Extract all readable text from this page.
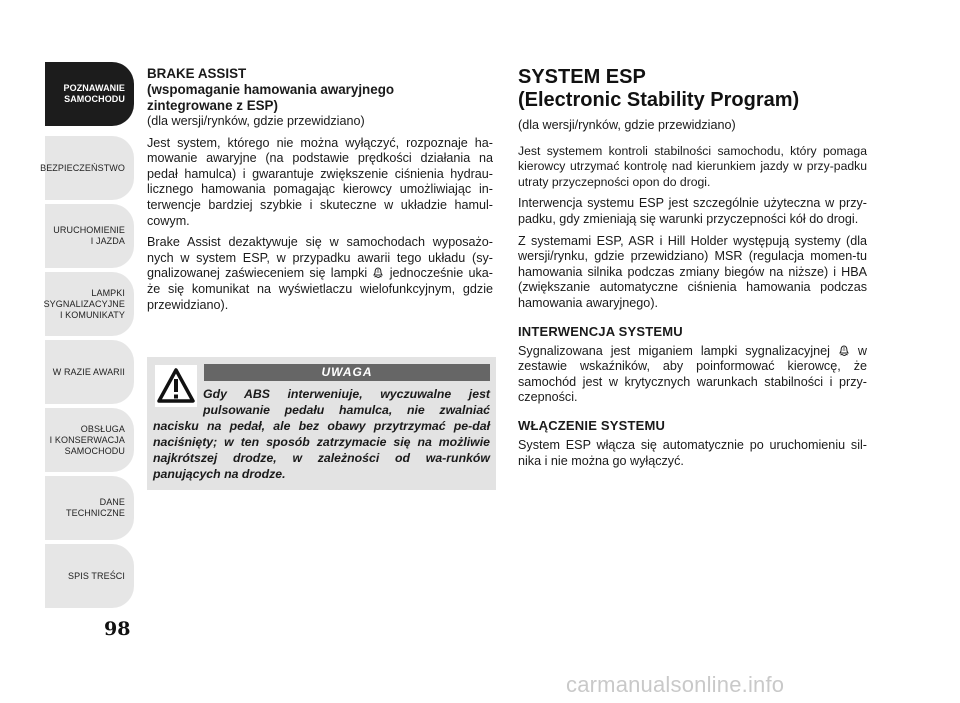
POZNAWANIE
SAMOCHODU
BEZPIECZEŃSTWO
URUCHOMIENIE
I JAZDA
LAMPKI
SYGNALIZACYJNE
I KOMUNIKATY
W RAZIE AWARII
OBSŁUGA
I KONSERWACJA
SAMOCHODU
DANE
TECHNICZNE
SPIS TREŚCI
98
BRAKE ASSIST
(wspomaganie hamowania awaryjnego
zintegrowane z ESP)

(dla wersji/rynków, gdzie przewidziano)

Jest system, którego nie można wyłączyć, rozpoznaje ha-mowanie awaryjne (na podstawie prędkości działania na pedał hamulca) i gwarantuje zwiększenie ciśnienia hydrau-licznego hamowania pomagając kierowcy umożliwiając in-terwencje bardziej szybkie i skuteczne w układzie hamul-cowym.

Brake Assist dezaktywuje się w samochodach wyposażo-nych w system ESP, w przypadku awarii tego układu (sy-gnalizowanej zaświeceniem się lampki jednocześnie uka-że się komunikat na wyświetlaczu wielofunkcyjnym, gdzie przewidziano).

UWAGA
Gdy ABS interweniuje, wyczuwalne jest pulsowanie pedału hamulca, nie zwalniać nacisku na pedał, ale bez obawy przytrzymać pe-dał naciśnięty; w ten sposób zatrzymacie się na możliwie najkrótszej drodze, w zależności od wa-runków panujących na drodze.
SYSTEM ESP
(Electronic Stability Program)

(dla wersji/rynków, gdzie przewidziano)

Jest systemem kontroli stabilności samochodu, który pomaga kierowcy utrzymać kontrolę nad kierunkiem jazdy w przy-padku utraty przyczepności opon do drogi.

Interwencja systemu ESP jest szczególnie użyteczna w przy-padku, gdy zmieniają się warunki przyczepności kół do drogi.

Z systemami ESP, ASR i Hill Holder występują systemy (dla wersji/rynku, gdzie przewidziano) MSR (regulacja momen-tu hamowania silnika podczas zmiany biegów na niższe) i HBA (zwiększanie automatyczne ciśnienia hamowania podczas hamowania awaryjnego).

INTERWENCJA SYSTEMU

Sygnalizowana jest miganiem lampki sygnalizacyjnej w zestawie wskaźników, aby poinformować kierowcę, że samochód jest w krytycznych warunkach stabilności i przy-czepności.

WŁĄCZENIE SYSTEMU

System ESP włącza się automatycznie po uruchomieniu sil-nika i nie można go wyłączyć.

carmanualsonline.info
